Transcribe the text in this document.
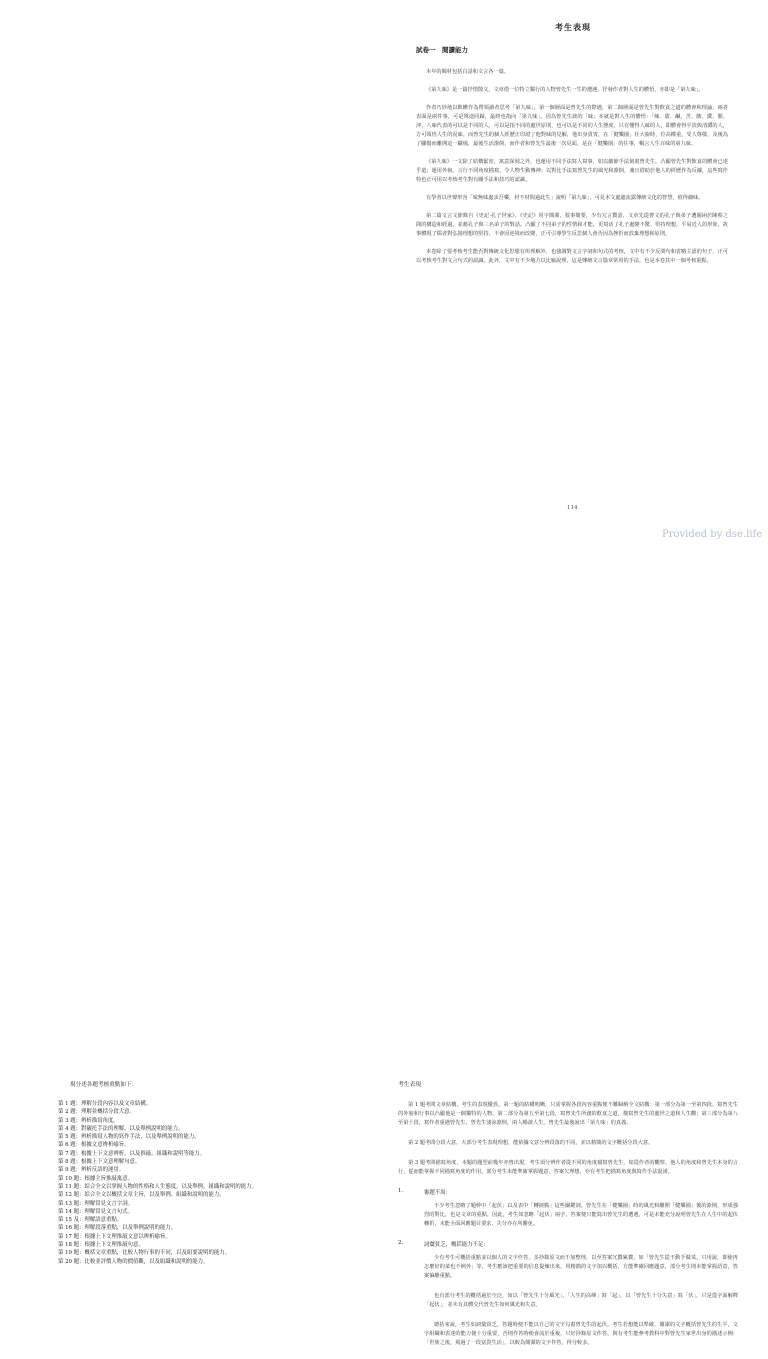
考生表現
試卷一　閱讀能力

本年的閱材包括白話和文言各一篇。

《第九味》是一篇抒情散文，文章借一位特立獨行的人物曾先生一生的遭遇，抒發作者對人生的體悟，亦即是「第九味」。

作者巧妙地以飲饌作為帶領讀者思考「第九味」，第一個層面是曾先生的際遇，第二個層面是曾先生對飲食之道的體會和理論，兩者表面是兩件事，可是殊途同歸，最終也指向「第九味」。因為曾先生談的「味」本就是對人生的體悟：「辣、甜、鹹、苦、酸、澀、腥、沖，八味代表的可以是不同的人，可以是指不同的處世原則，也可以是不同的人生態度，只有懂得人味的人，即體會得平淡與清澀的人，方可領悟人生的況味。而曾先生的個人經歷正印證了他對味的見解，他出身貴冑，在「健樂園」任大廚時，位高權重，受人尊敬，及後為了腳傷而離開這一職場，最後生活潦倒，而作者和曾先生最後一次見面，是在「健樂園」的往事，暢言人生百味的第九味。

《第九味》一文除了結構緊密，寓意深刻之外，也運用不同手法寫人寫事，如以細節手法刻畫曾先生，凸顯曾先生對飲食的體會已達乎道；運用外貌、言行不同角度描寫，令人物生動傳神；以對比手法寫曾先生的風光和潦倒，兼且借助於他人的經歷作為反襯，這些寫作特色正可用以考核考生對有關手法和技巧的認識。

有學者以世聲形容「味無味處求吾樂，材不材間過此生」說明「第九味」，可見本文處處流露傳統文化的智慧，值得細味。

第二篇文言文節錄自《史記·孔子世家》，《史記》用字簡潔，敘事簡要，少有冗言贅語，文章先從曹文的孔子與弟子遭圍困於陳蔡之間的構造和經過，並藉孔子與三名弟子的對話，凸顯了不同弟子的性情和才能，更寫活了孔子處變不驚、堅持理想，平易近人的形象，故事體現了儒者對弘揚理想的堅持，不會因逆境而改變，正可引導學生反思個人會否因為挫折而放棄理想和原則。

本卷除了要考核考生能否對傳統文化思想有所理解外，也強調對文言字詞和句式的考核，文中有不少反問句和省略主語的句子，正可以考核考生對文言句式的認識。此外，文中有不少地方以比喻說理，這是傳統文言篇章常用的手法，也是本卷其中一個考核重點。

114
Provided by dse.life
現分述各題考核重點如下：
第 1 題：理解分段內容以及文章結構。
第 2 題：理解並概括分段大意。
第 3 題：辨析描寫角度。
第 4 題：對襯托手法的理解，以及舉例說明的能力。
第 5 題：辨析描寫人物的寫作手法，以及舉例說明的能力。
第 6 題：根據文意辨析喻旨。
第 7 題：根據上下文意辨析，以及推敲、組織和說明等能力。
第 8 題：根據上下文意理解句意。
第 9 題：辨析反語的運用。
第 10 題：根據主旨推敲寓意。
第 11 題：綜合全文以掌握人物的性格和人生態度，以及舉例、組織和說明的能力。
第 12 題：綜合全文以概括文章主旨，以及舉例、組織和說明的能力。
第 13 題：理解常見文言字詞。
第 14 題：理解常見文言句式。
第 15 及：理解語意重點。
第 16 題：理解段落重點，以及舉例說明的能力。
第 17 題：根據上下文理推敲文意以辨析喻旨。
第 18 題：根據上下文理推敲句意。
第 19 題：概括文章重點，比較人物行事的不同，以及組要說明的能力。
第 20 題：比較並評價人物的價值觀，以及組織和說明的能力。
考生表現

第 1 題考問文章結構，考生的表現優異，第一題的結構明晰，只需掌握各段內容重點便不難歸納全文結構：第一部分為第一至第四段，寫曾先生的外貌和行事以凸顯他是一個獨特的人物。第二部分為第五至第七段，寫曾先生所創的飲食之道，描寫曾先生的處世之道和人生觀；第三部分為第八至第十段，寫作者重遇曾先生，曾先生淒涼潦倒，兩人暢談人生，曾先生最後說出「第九味」的真義。

第 2 題考問分段大意，大部分考生表現理想，能依據文意分辨段落的不同，並以精簡的文字概括分段大意。

第 3 題考問描寫角度，本題的題型前幾年亦曾出現，考生須分辨作者從不同的角度描寫曾先生，如從作者的觀察、他人的角度和曾先生本身的言行，從而能掌握不同描寫角度的作用。部分考生未能準確掌握題意，答案欠理想，亦有考生把描寫角度與寫作手法混淆。

1.	審題不周：

不少考生忽略了題幹中「起伏」以及表中「轉捩點」這些關鍵詞。曾先生在「健樂園」時的風光和離開「健樂園」後的潦倒，形成強烈的對比，也是文章的重點。因此，考生如忽略「起伏」兩字，答案便只能寫出曾先生的遭遇，可是未能充分說明曾先生在人生中的起伏轉折，未能全面回應題目要求，失分亦在所難免。

2.	詞彙貧乏，概括能力不足：

少有考生可概括重點並以個人的文字作答，多抄錄原文而不加整理，以至答案冗贅累贅。如「曾先生從不動手做菜，只用說，即使再怎麼好的菜也不例外」等，考生應該把重要的信息提煉出來，用精簡的文字加以概括，方能準確回應題意，部分考生則未能掌握語意，答案偏離重點。

也有部分考生的概括過於空泛，如以「曾先生十分風光」、「人生的高峰」寫「起」，以「曾先生十分失意」寫「伏」，只是從字面解釋「起伏」，並未有具體交代曾先生如何風光和失意。

總括來說，考生如詞彙貧乏，答題時便不能以自己的文字勾畫曾先生的起伏。考生若想能以準確、簡潔的文字概括曾先生的生平，文字組織和表達的能力便十分重要，否則作答時便會流於重複，只好抄錄原文作答。與有考生能參考教科中對曾先生家世出身的描述示例：「世族之後，飛過了一段富貴生活」，以較為簡潔的文字作答，得分較多。
